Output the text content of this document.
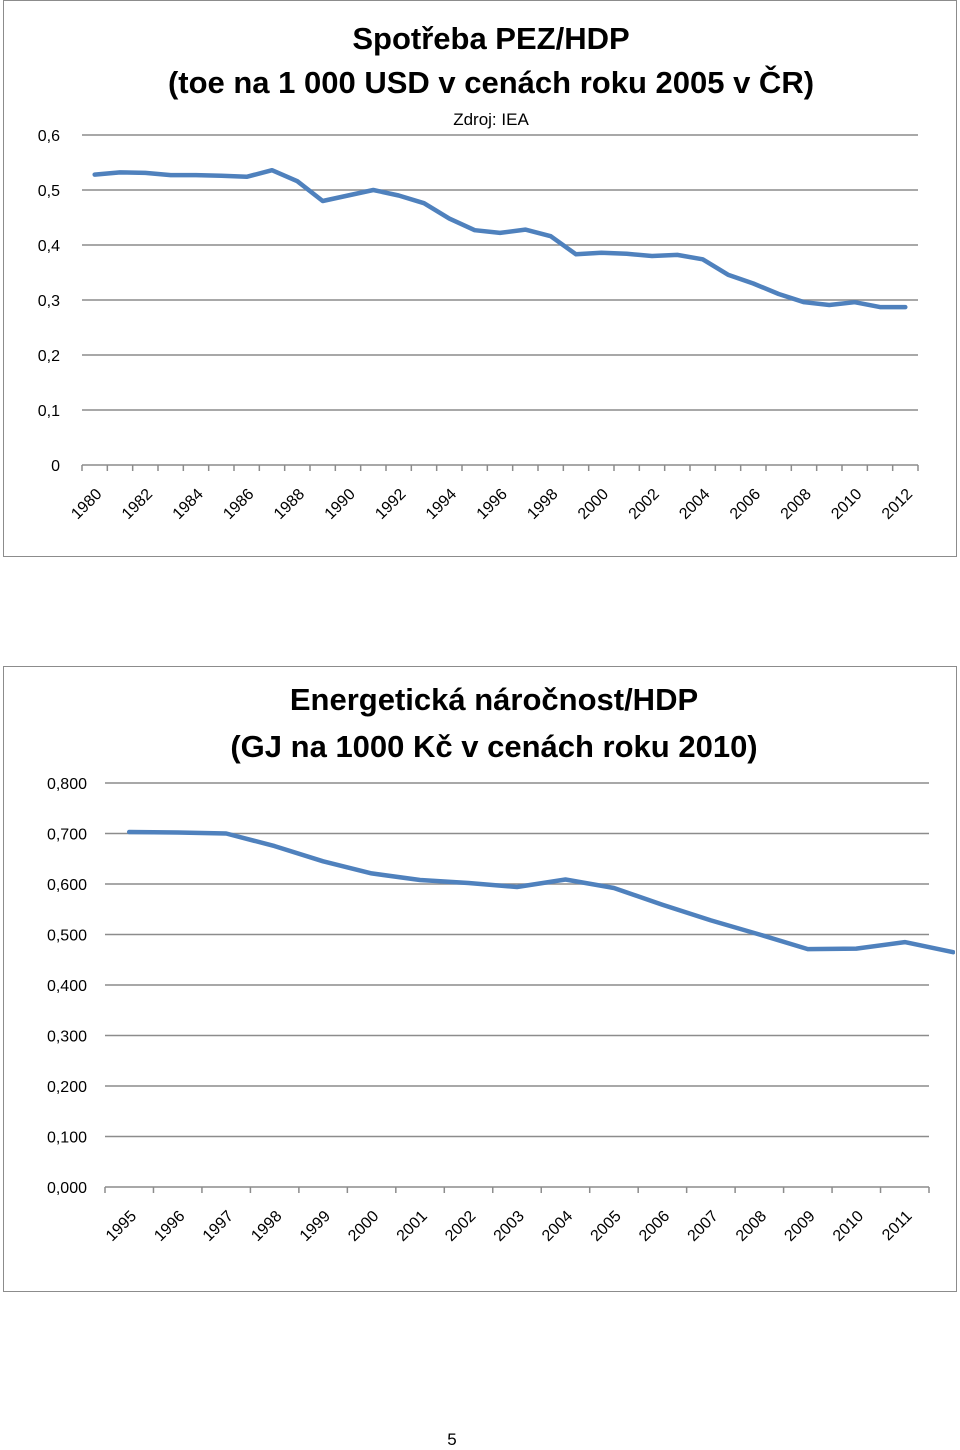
Spotřeba PEZ/HDP
(toe na 1 000 USD v cenách roku 2005 v ČR)
Zdroj: IEA
0
0,1
0,2
0,3
0,4
0,5
0,6
1980 1982 1984 1986 1988 1990 1992 1994 1996 1998 2000 2002 2004 2006 2008 2010 2012
Energetická náročnost/HDP
(GJ na 1000 Kč v cenách roku 2010)
0,000
0,100
0,200
0,300
0,400
0,500
0,600
0,700
0,800
1995 1996 1997 1998 1999 2000 2001 2002 2003 2004 2005 2006 2007 2008 2009 2010 2011
5
